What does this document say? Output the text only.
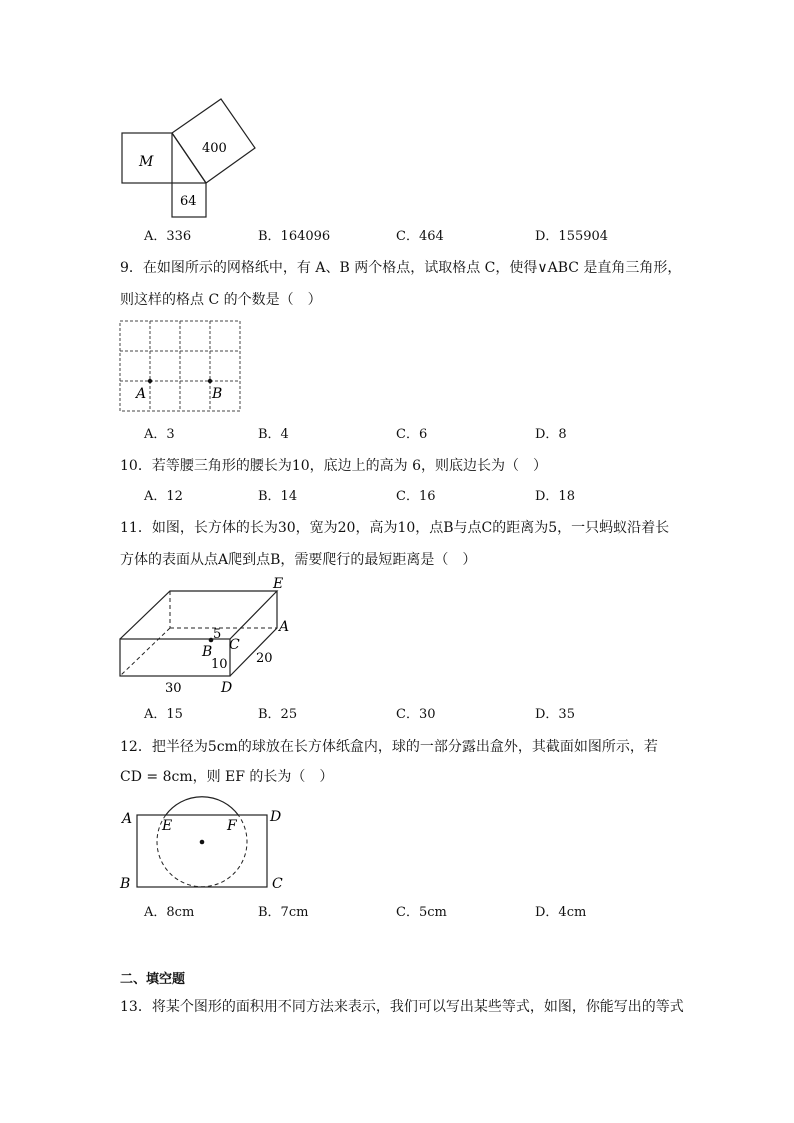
M
400
64
A．336	B．164096	C．464	D．155904
9．在如图所示的网格纸中，有 A、B 两个格点，试取格点 C，使得∨ABC 是直角三角形，
则这样的格点 C 的个数是（　）
A	B
A．3	B．4	C．6	D．8
10．若等腰三角形的腰长为10，底边上的高为 6，则底边长为（　）
A．12	B．14	C．16	D．18
11．如图，长方体的长为30，宽为20，高为10，点B与点C的距离为5，一只蚂蚁沿着长
方体的表面从点A爬到点B，需要爬行的最短距离是（　）
E
A
5
B C
10 20
30	D
A．15	B．25	C．30	D．35
12．把半径为5cm的球放在长方体纸盒内，球的一部分露出盒外，其截面如图所示，若
CD = 8cm，则 EF 的长为（　）
A E	F
D
B	C
A．8cm	B．7cm	C．5cm	D．4cm
二、填空题
13．将某个图形的面积用不同方法来表示，我们可以写出某些等式，如图，你能写出的等式
